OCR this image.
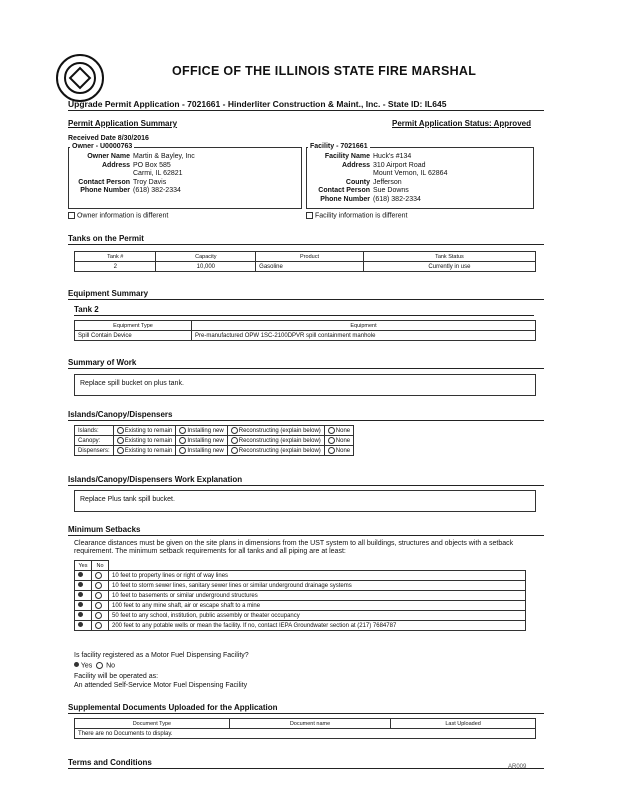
OFFICE OF THE ILLINOIS STATE FIRE MARSHAL
Upgrade Permit Application - 7021661 - Hinderliter Construction & Maint., Inc. - State ID: IL645
Permit Application Summary	Permit Application Status: Approved
Received Date 8/30/2016
Owner - U0000763
Owner Name Martin & Bayley, Inc
Address PO Box 585
Carmi, IL 62821
Contact Person Troy Davis
Phone Number (618) 382-2334
Owner information is different
Facility - 7021661
Facility Name Huck's #134
Address 310 Airport Road
Mount Vernon, IL 62864
County Jefferson
Contact Person Sue Downs
Phone Number (618) 382-2334
Facility information is different
Tanks on the Permit
Tank #	Capacity	Product	Tank Status
2	10,000	Gasoline	Currently in use
Equipment Summary
Tank 2
Equipment Type	Equipment
Spill Contain Device	Pre-manufactured OPW 1SC-2100DPVR spill containment manhole
Summary of Work
Replace spill bucket on plus tank.
Islands/Canopy/Dispensers
Islands:	Existing to remain	Installing new	Reconstructing (explain below)	None
Canopy:	Existing to remain	Installing new	Reconstructing (explain below)	None
Dispensers:	Existing to remain	Installing new	Reconstructing (explain below)	None
Islands/Canopy/Dispensers Work Explanation
Replace Plus tank spill bucket.
Minimum Setbacks
Clearance distances must be given on the site plans in dimensions from the UST system to all buildings, structures and objects with a setback requirement. The minimum setback requirements for all tanks and all piping are at least:
Yes	No	
		10 feet to property lines or right of way lines
		10 feet to storm sewer lines, sanitary sewer lines or similar underground drainage systems
		10 feet to basements or similar underground structures
		100 feet to any mine shaft, air or escape shaft to a mine
		50 feet to any school, institution, public assembly or theater occupancy
		200 feet to any potable wells or mean the facility. If no, contact IEPA Groundwater section at (217) 7684787
Is facility registered as a Motor Fuel Dispensing Facility?
Yes No
Facility will be operated as:
An attended Self-Service Motor Fuel Dispensing Facility
Supplemental Documents Uploaded for the Application
Document Type	Document name	Last Uploaded
There are no Documents to display.
Terms and Conditions	AR009
